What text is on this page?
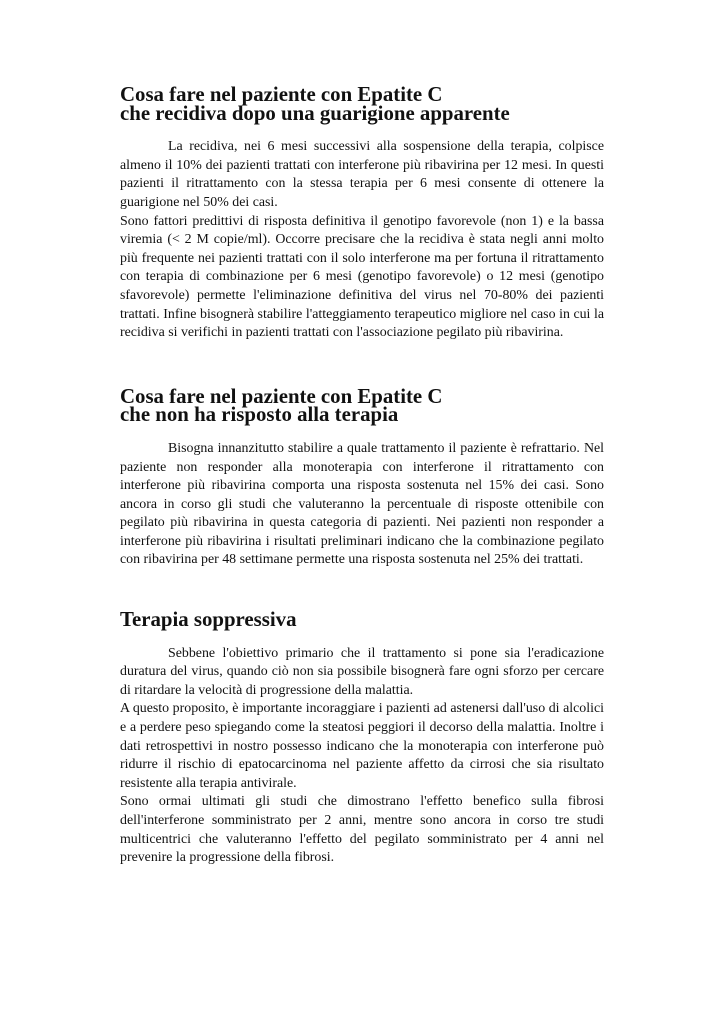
Cosa fare nel paziente con Epatite C
che recidiva dopo una guarigione apparente

La recidiva, nei 6 mesi successivi alla sospensione della terapia, colpisce almeno il 10% dei pazienti trattati con interferone più ribavirina per 12 mesi. In questi pazienti il ritrattamento con la stessa terapia per 6 mesi consente di ottenere la guarigione nel 50% dei casi.

Sono fattori predittivi di risposta definitiva il genotipo favorevole (non 1) e la bassa viremia (< 2 M copie/ml). Occorre precisare che la recidiva è stata negli anni molto più frequente nei pazienti trattati con il solo interferone ma per fortuna il ritrattamento con terapia di combinazione per 6 mesi (genotipo favorevole) o 12 mesi (genotipo sfavorevole) permette l'eliminazione definitiva del virus nel 70-80% dei pazienti trattati. Infine bisognerà stabilire l'atteggiamento terapeutico migliore nel caso in cui la recidiva si verifichi in pazienti trattati con l'associazione pegilato più ribavirina.

Cosa fare nel paziente con Epatite C
che non ha risposto alla terapia

Bisogna innanzitutto stabilire a quale trattamento il paziente è refrattario. Nel paziente non responder alla monoterapia con interferone il ritrattamento con interferone più ribavirina comporta una risposta sostenuta nel 15% dei casi. Sono ancora in corso gli studi che valuteranno la percentuale di risposte ottenibile con pegilato più ribavirina in questa categoria di pazienti. Nei pazienti non responder a interferone più ribavirina i risultati preliminari indicano che la combinazione pegilato con ribavirina per 48 settimane permette una risposta sostenuta nel 25% dei trattati.

Terapia soppressiva

Sebbene l'obiettivo primario che il trattamento si pone sia l'eradicazione duratura del virus, quando ciò non sia possibile bisognerà fare ogni sforzo per cercare di ritardare la velocità di progressione della malattia.

A questo proposito, è importante incoraggiare i pazienti ad astenersi dall'uso di alcolici e a perdere peso spiegando come la steatosi peggiori il decorso della malattia. Inoltre i dati retrospettivi in nostro possesso indicano che la monoterapia con interferone può ridurre il rischio di epatocarcinoma nel paziente affetto da cirrosi che sia risultato resistente alla terapia antivirale.

Sono ormai ultimati gli studi che dimostrano l'effetto benefico sulla fibrosi dell'interferone somministrato per 2 anni, mentre sono ancora in corso tre studi multicentrici che valuteranno l'effetto del pegilato somministrato per 4 anni nel prevenire la progressione della fibrosi.
